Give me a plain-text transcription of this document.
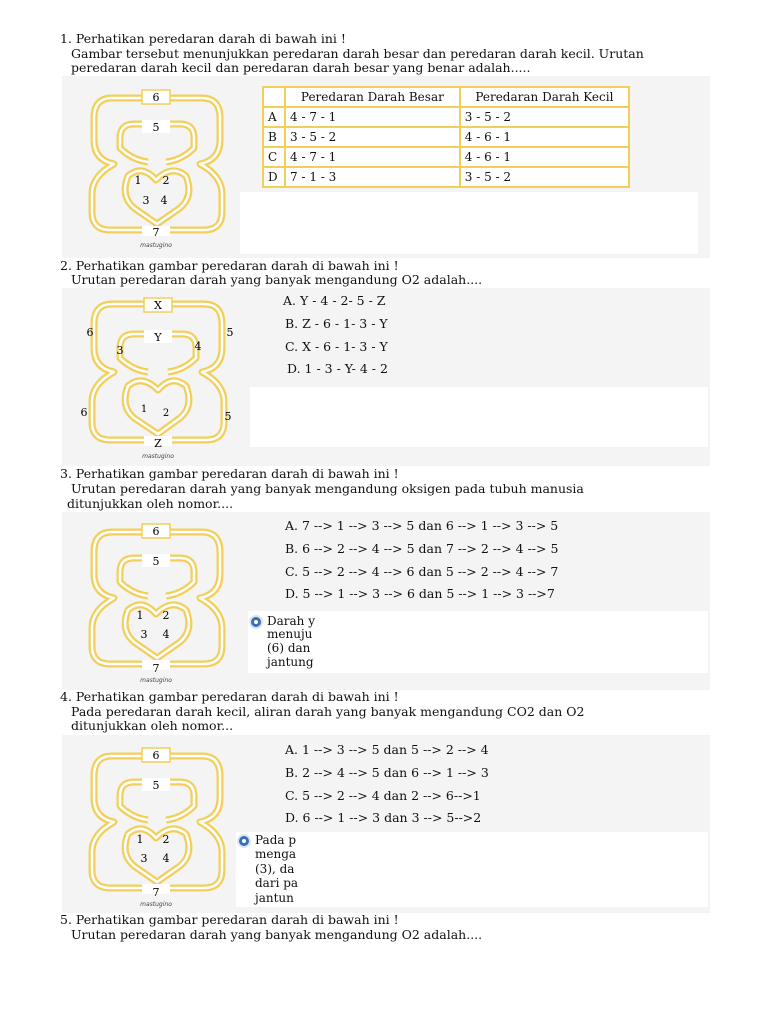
1. Perhatikan peredaran darah di bawah ini !
Gambar tersebut menunjukkan peredaran darah besar dan peredaran darah kecil. Urutan
peredaran darah kecil dan peredaran darah besar yang benar adalah.....
6
5
1 2
3 4
7
mastugino
	Peredaran Darah Besar	Peredaran Darah Kecil
A	4 - 7 - 1	3 - 5 - 2
B	3 - 5 - 2	4 - 6 - 1
C	4 - 7 - 1	4 - 6 - 1
D	7 - 1 - 3	3 - 5 - 2
2. Perhatikan gambar peredaran darah di bawah ini !
Urutan peredaran darah yang banyak mengandung O2 adalah....
X
Y
6
6
5
5
3	4
1 2
Z
mastugino
A. Y - 4 - 2- 5 - Z
B. Z - 6 - 1- 3 - Y
C. X - 6 - 1- 3 - Y
D. 1 - 3 - Y- 4 - 2
3. Perhatikan gambar peredaran darah di bawah ini !
Urutan peredaran darah yang banyak mengandung oksigen pada tubuh manusia
ditunjukkan oleh nomor....
6
5
1 2
3 4
7
mastugino
A. 7 --> 1 --> 3 --> 5 dan 6 --> 1 --> 3 --> 5
B. 6 --> 2 --> 4 --> 5 dan 7 --> 2 --> 4 --> 5
C. 5 --> 2 --> 4 --> 6 dan 5 --> 2 --> 4 --> 7
D. 5 --> 1 --> 3 --> 6 dan 5 --> 1 --> 3 -->7
Darah y
menuju
(6) dan
jantung
4. Perhatikan gambar peredaran darah di bawah ini !
Pada peredaran darah kecil, aliran darah yang banyak mengandung CO2 dan O2
ditunjukkan oleh nomor...
6
5
1 2
3 4
7
mastugino
A. 1 --> 3 --> 5 dan 5 --> 2 --> 4
B. 2 --> 4 --> 5 dan 6 --> 1 --> 3
C. 5 --> 2 --> 4 dan 2 --> 6-->1
D. 6 --> 1 --> 3 dan 3 --> 5-->2
Pada p
menga
(3), da
dari pa
jantun
5. Perhatikan gambar peredaran darah di bawah ini !
Urutan peredaran darah yang banyak mengandung O2 adalah....
